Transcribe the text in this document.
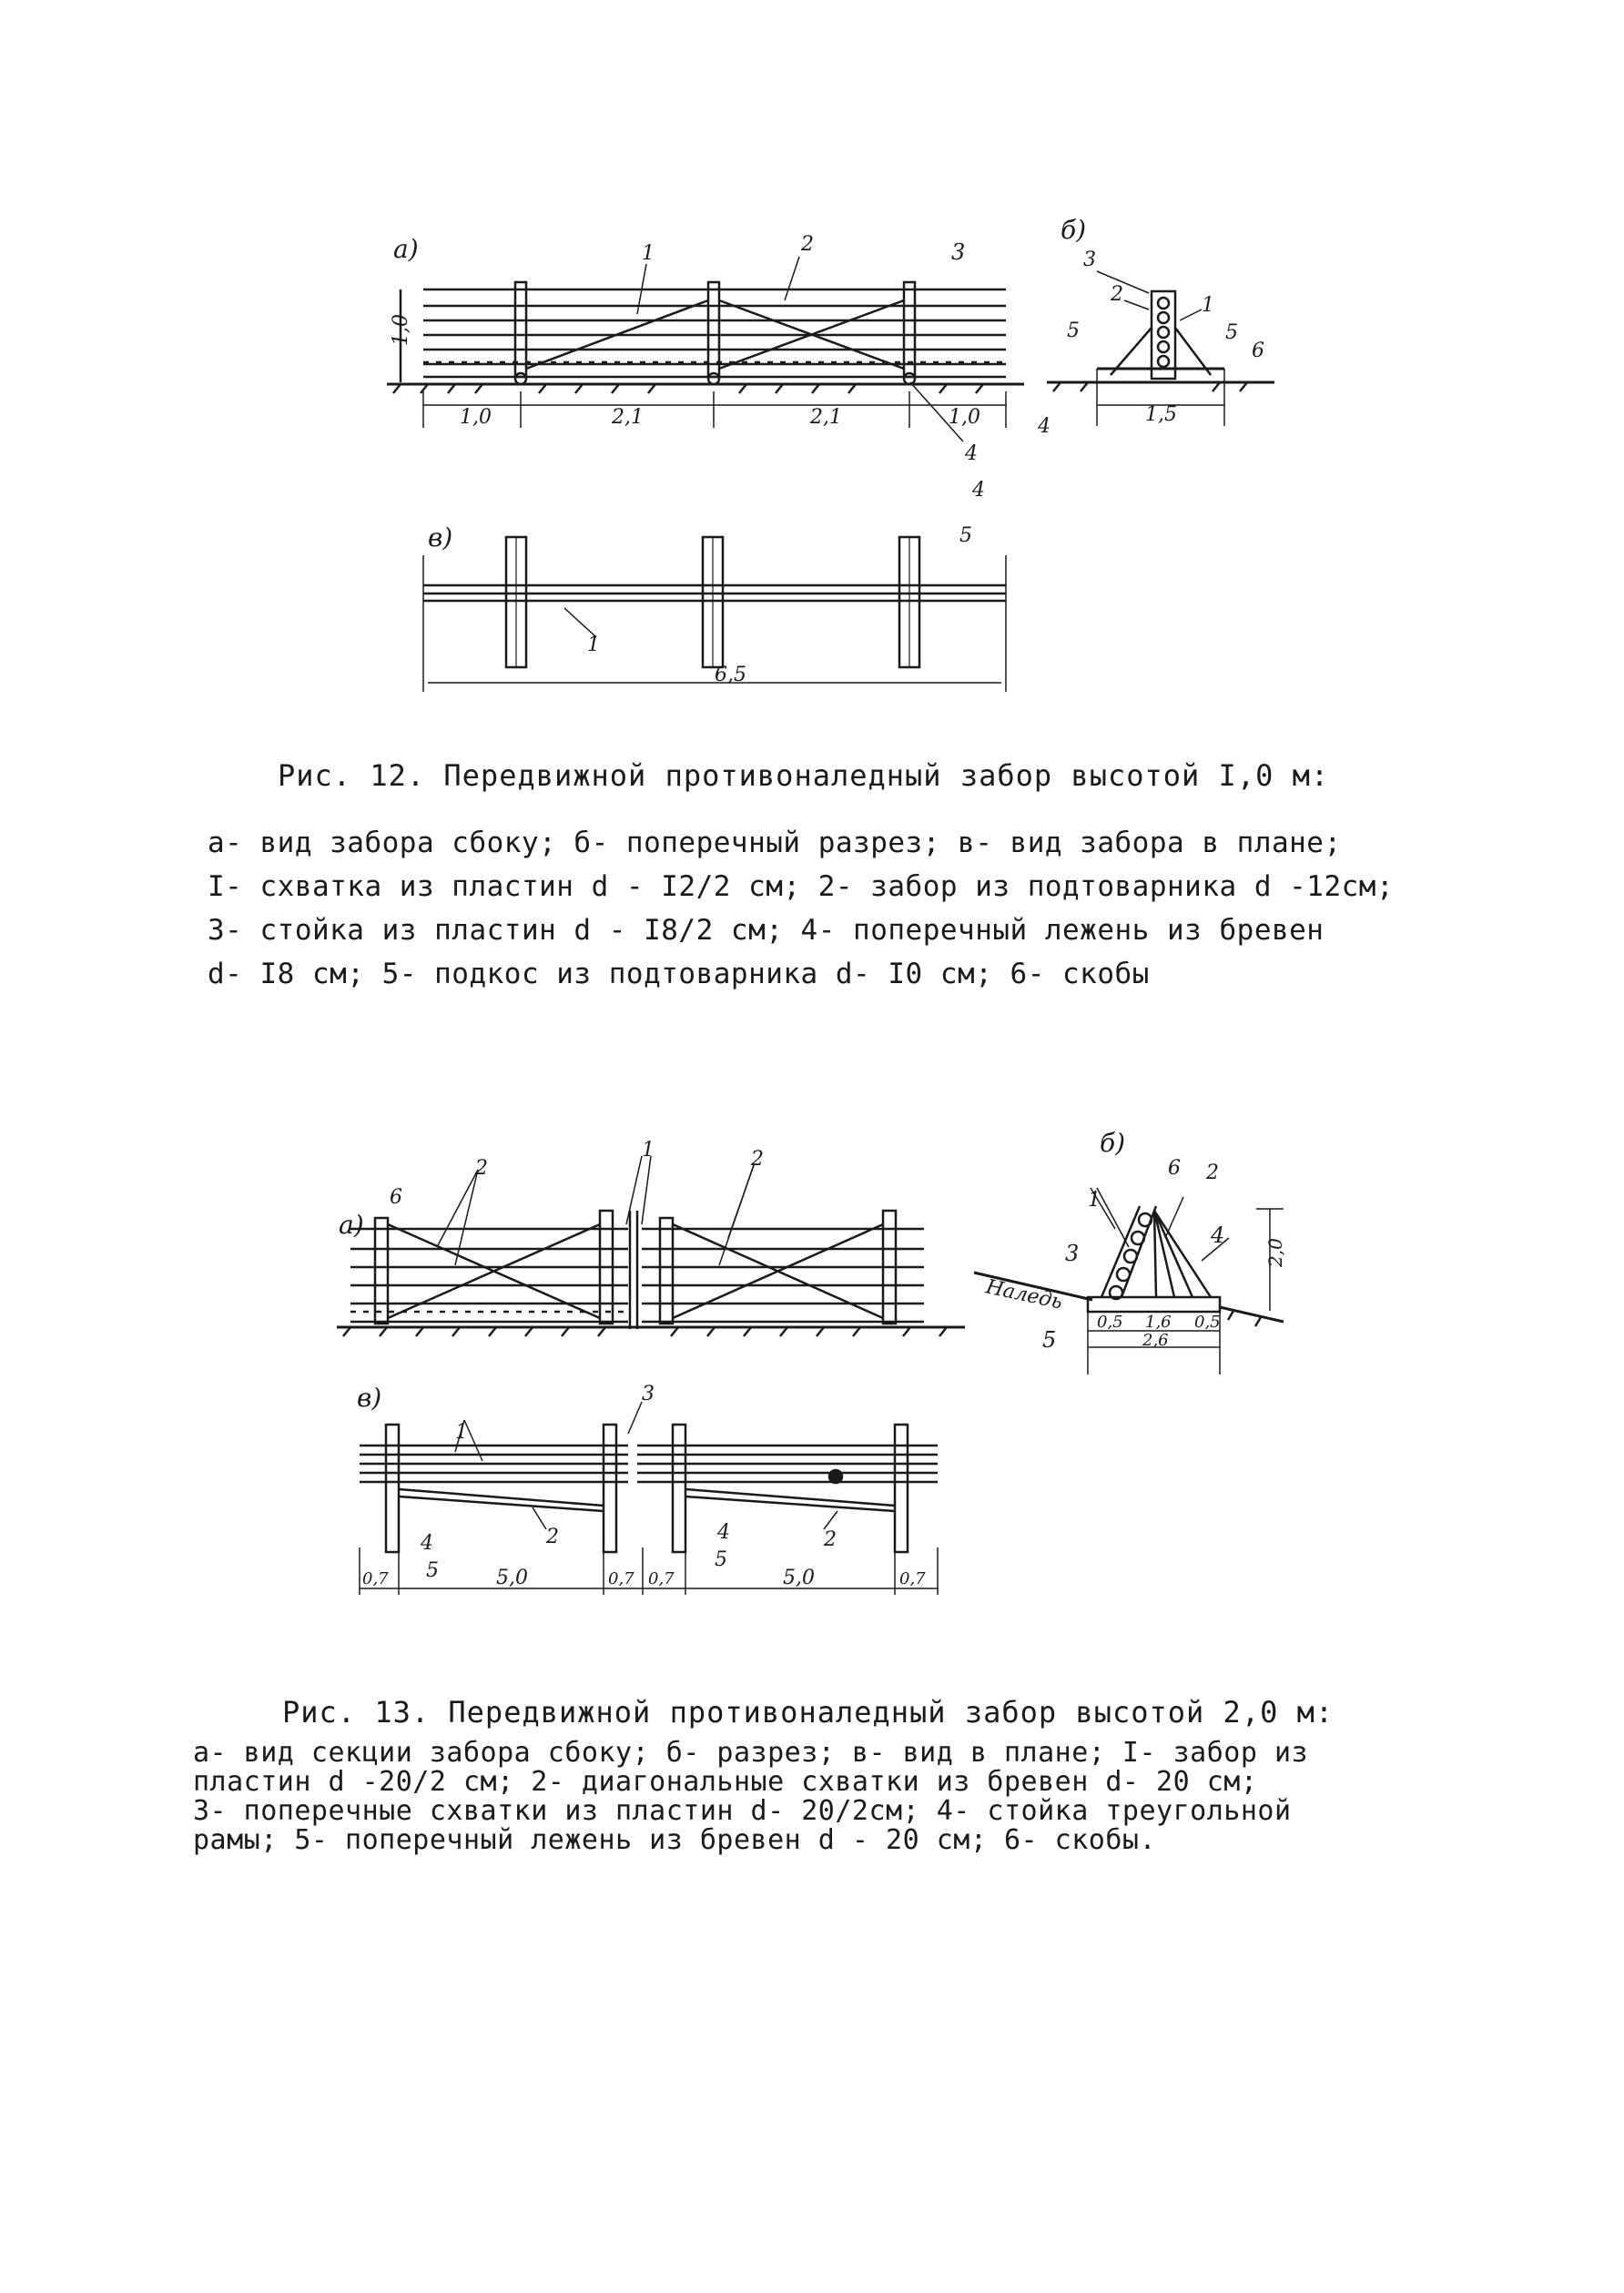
а)
б)
в)
1,0
1,0	2,1	2,1	1,0	1,5
6,5
1	2	3
4
4
4
5
3
2	1
5	5
6
1
а)
б)
в)
Наледь
6
2
1	2
1
6 2
3
4
5
2,0
0,5 1,6 0,5
2,6
1
2
3
2
4
5
4
5
0,7	5,0	0,7 0,7	5,0	0,7
Рис. 12. Передвижной противоналедный забор высотой I,0 м:
а- вид забора сбоку; б- поперечный разрез; в- вид забора в плане;
I- схватка из пластин d - I2/2 см; 2- забор из подтоварника d -12см;
3- стойка из пластин d - I8/2 см; 4- поперечный лежень из бревен
d- I8 см; 5- подкос из подтоварника d- I0 см; 6- скобы
Рис. 13. Передвижной противоналедный забор высотой 2,0 м:
а- вид секции забора сбоку; б- разрез; в- вид в плане; I- забор из
пластин d -20/2 см; 2- диагональные схватки из бревен d- 20 см;
3- поперечные схватки из пластин d- 20/2см; 4- стойка треугольной
рамы; 5- поперечный лежень из бревен d - 20 см; 6- скобы.
